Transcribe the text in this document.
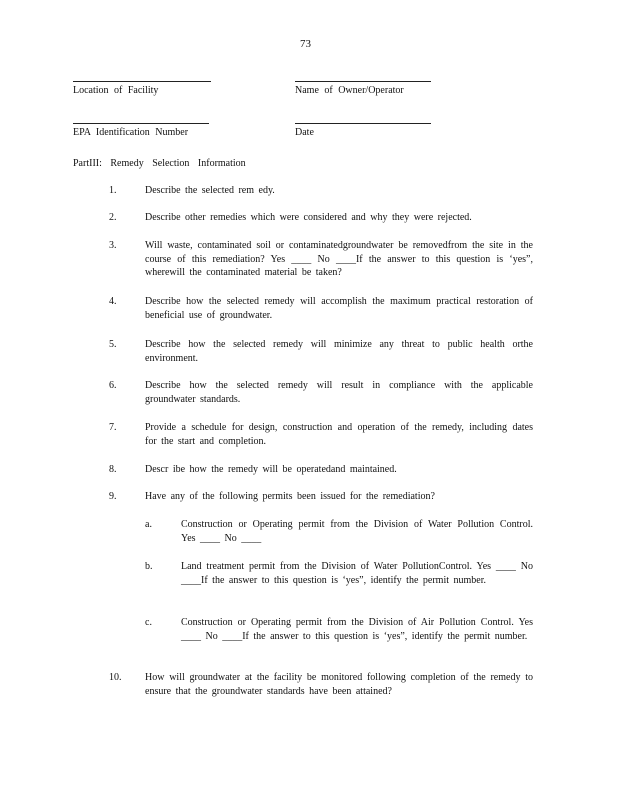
73
Location of Facility	Name of Owner/Operator
EPA Identification Number	Date
PartIII: Remedy Selection Information
1.	Describe the selected rem edy.
2.	Describe other remedies which were considered and why they were rejected.
3.	Will waste, contaminated soil or contaminatedgroundwater be removedfrom the site in the course of this remediation? Yes ____ No ____If the answer to this question is ‘yes”, wherewill the contaminated material be taken?
4.	Describe how the selected remedy will accomplish the maximum practical restoration of beneficial use of groundwater.
5.	Describe how the selected remedy will minimize any threat to public health orthe environment.
6.	Describe how the selected remedy will result in compliance with the applicable groundwater standards.
7.	Provide a schedule for design, construction and operation of the remedy, including dates for the start and completion.
8.	Descr ibe how the remedy will be operatedand maintained.
9.	Have any of the following permits been issued for the remediation?
a.	Construction or Operating permit from the Division of Water Pollution Control. Yes ____ No ____
b.	Land treatment permit from the Division of Water PollutionControl. Yes ____ No ____If the answer to this question is ‘yes”, identify the permit number.
c.	Construction or Operating permit from the Division of Air Pollution Control. Yes ____ No ____If the answer to this question is ‘yes”, identify the permit number.
10. How will groundwater at the facility be monitored following completion of the remedy to ensure that the groundwater standards have been attained?
